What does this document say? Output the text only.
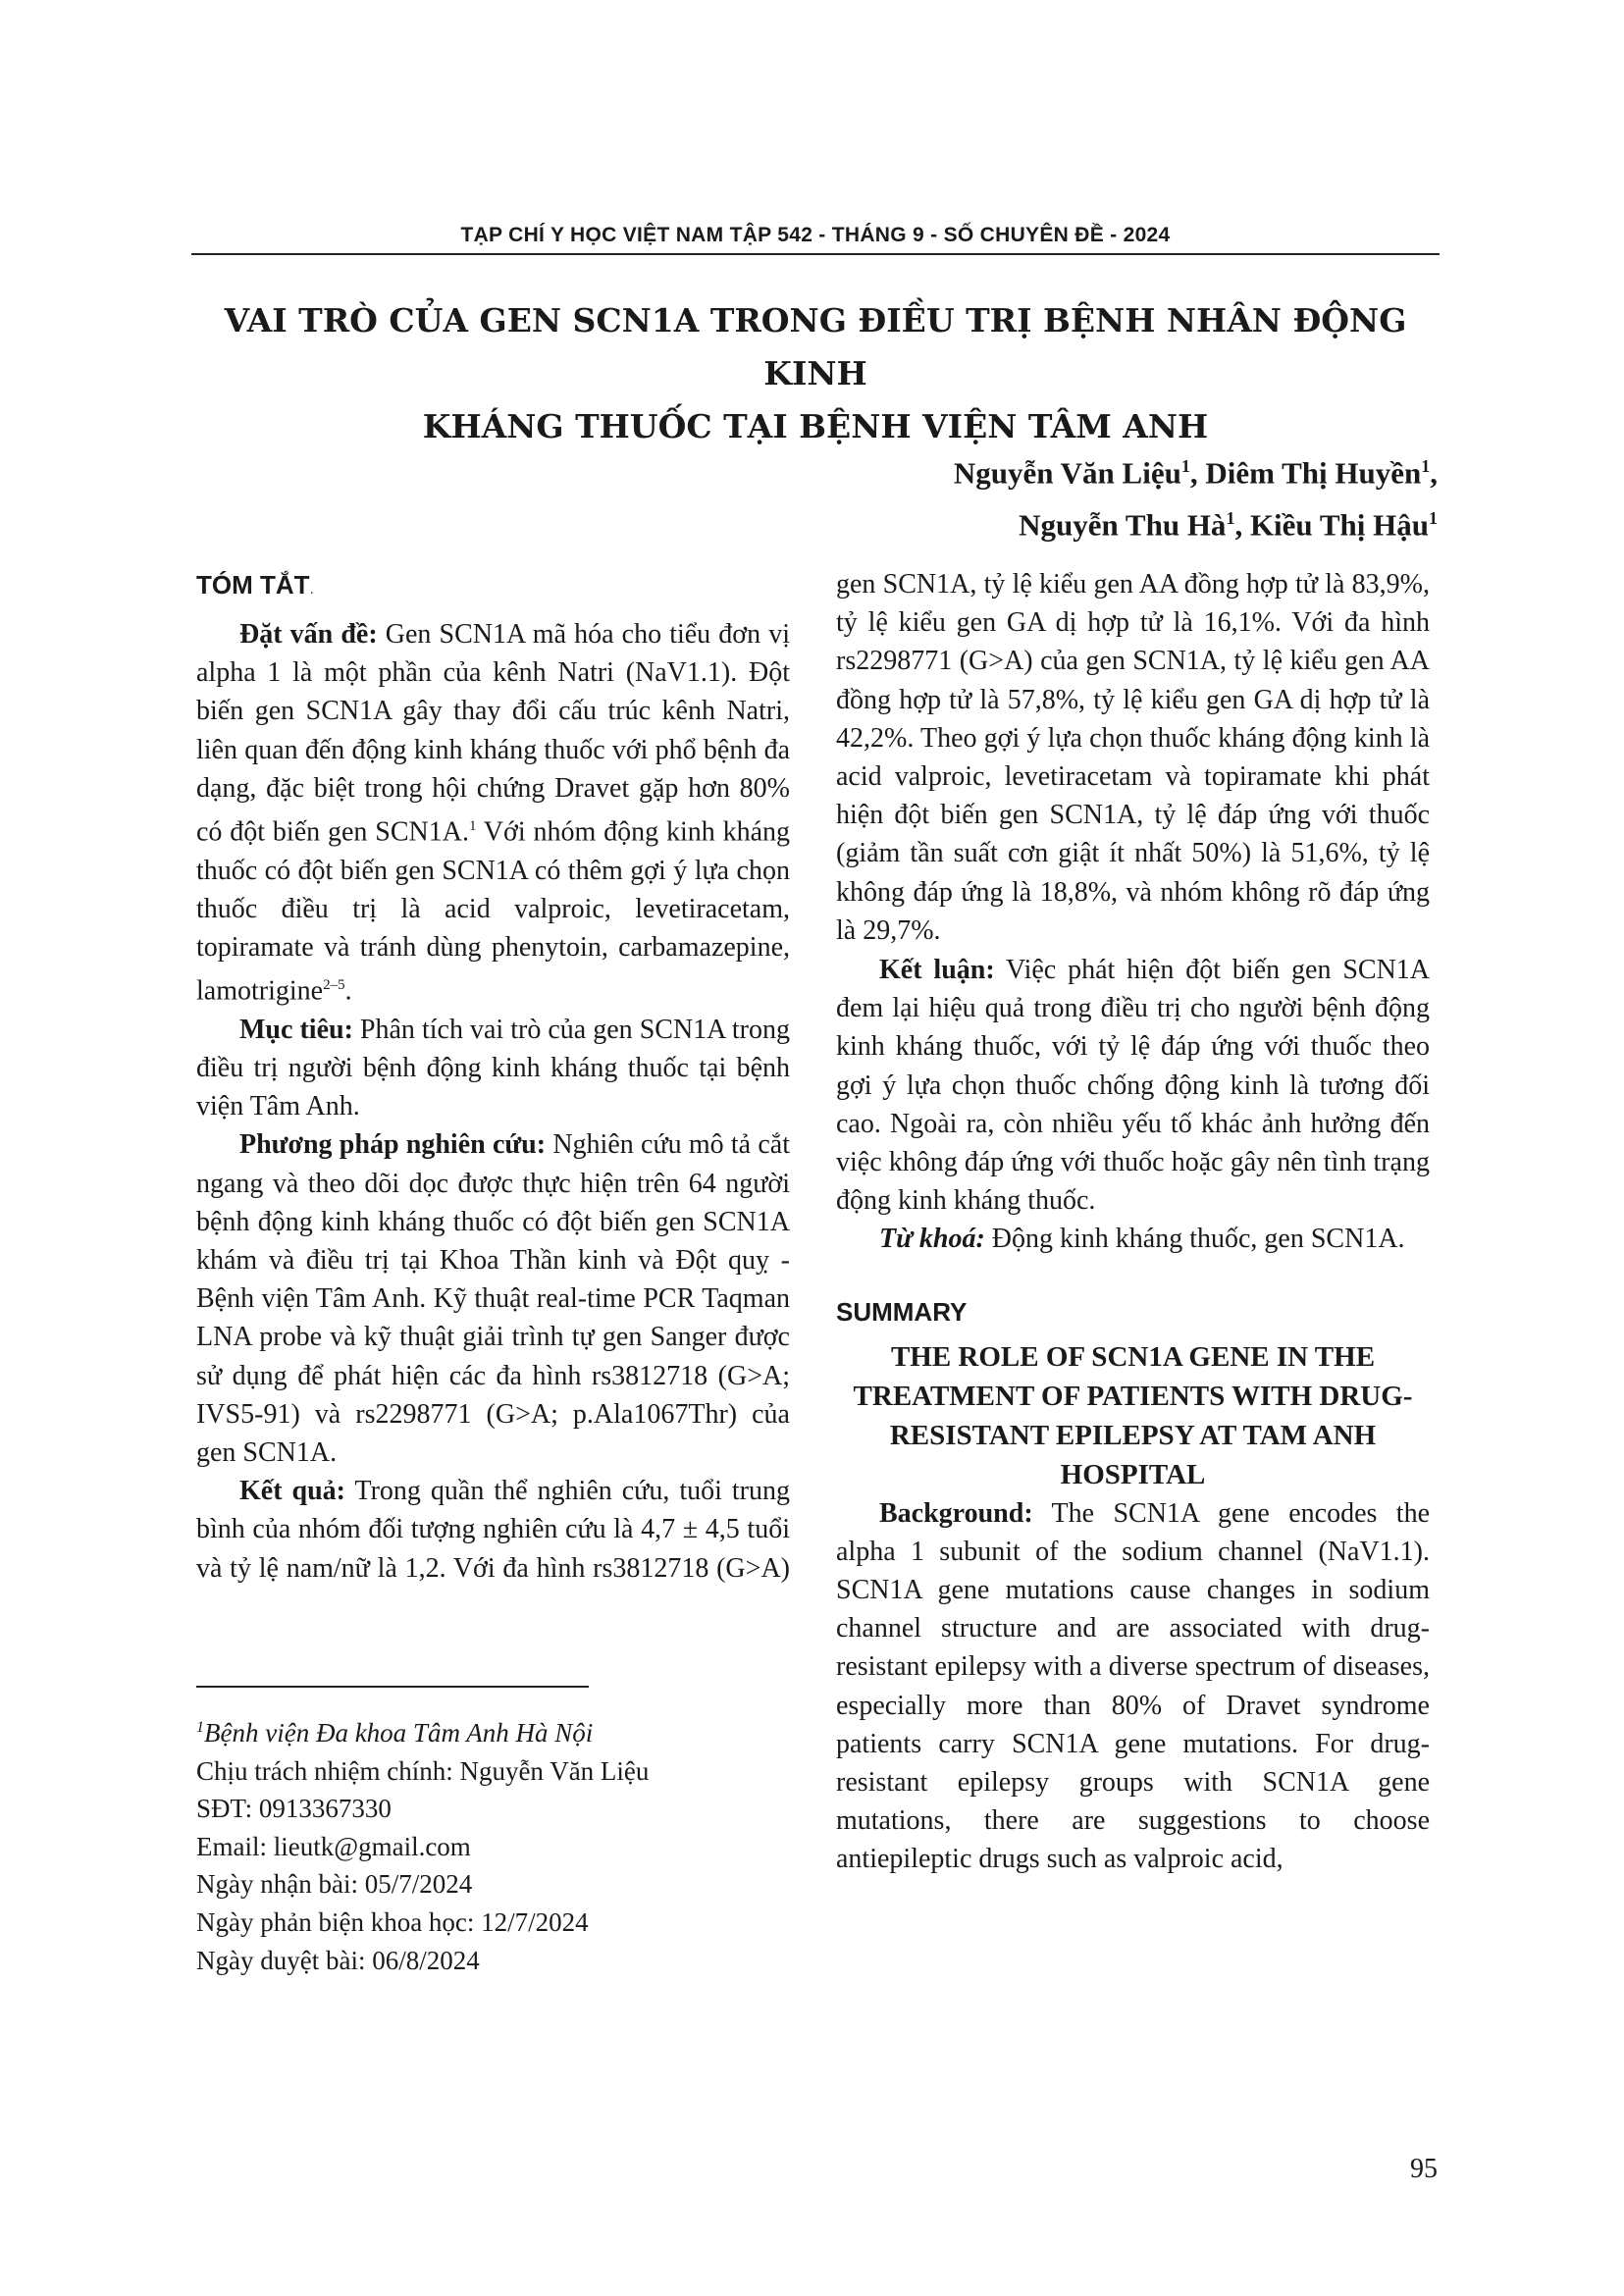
TẠP CHÍ Y HỌC VIỆT NAM TẬP 542 - THÁNG 9 - SỐ CHUYÊN ĐỀ - 2024
VAI TRÒ CỦA GEN SCN1A TRONG ĐIỀU TRỊ BỆNH NHÂN ĐỘNG KINH
KHÁNG THUỐC TẠI BỆNH VIỆN TÂM ANH
Nguyễn Văn Liệu$^1$, Diêm Thị Huyền$^1$,
Nguyễn Thu $Hà^1$, Kiều Thị Hậu$^1$
TÓM TẮT.

Đặt vấn đề: Gen SCN1A mã hóa cho tiểu đơn vị alpha 1 là một phần của kênh Natri (NaV1.1). Đột biến gen SCN1A gây thay đổi cấu trúc kênh Natri, liên quan đến động kinh kháng thuốc với phổ bệnh đa dạng, đặc biệt trong hội chứng Dravet gặp hơn 80% có đột biến gen SCN1A.$^1$ Với nhóm động kinh kháng thuốc có đột biến gen SCN1A có thêm gợi ý lựa chọn thuốc điều trị là acid valproic, levetiracetam, topiramate và tránh dùng phenytoin, carbamazepine, lamotrigine$^{2-5}$.

Mục tiêu: Phân tích vai trò của gen SCN1A trong điều trị người bệnh động kinh kháng thuốc tại bệnh viện Tâm Anh.

Phương pháp nghiên cứu: Nghiên cứu mô tả cắt ngang và theo dõi dọc được thực hiện trên 64 người bệnh động kinh kháng thuốc có đột biến gen SCN1A khám và điều trị tại Khoa Thần kinh và Đột quỵ - Bệnh viện Tâm Anh. Kỹ thuật real-time PCR Taqman LNA probe và kỹ thuật giải trình tự gen Sanger được sử dụng để phát hiện các đa hình rs3812718 (G>A; IVS5-91) và rs2298771 (G>A; p.Ala1067Thr) của gen SCN1A.

Kết quả: Trong quần thể nghiên cứu, tuổi trung bình của nhóm đối tượng nghiên cứu là 4,7 ± 4,5 tuổi và tỷ lệ nam/nữ là 1,2. Với đa hình rs3812718 (G>A)

gen SCN1A, tỷ lệ kiểu gen AA đồng hợp tử là 83,9%, tỷ lệ kiểu gen GA dị hợp tử là 16,1%. Với đa hình rs2298771 (G>A) của gen SCN1A, tỷ lệ kiểu gen AA đồng hợp tử là 57,8%, tỷ lệ kiểu gen GA dị hợp tử là 42,2%. Theo gợi ý lựa chọn thuốc kháng động kinh là acid valproic, levetiracetam và topiramate khi phát hiện đột biến gen SCN1A, tỷ lệ đáp ứng với thuốc (giảm tần suất cơn giật ít nhất 50%) là 51,6%, tỷ lệ không đáp ứng là 18,8%, và nhóm không rõ đáp ứng là 29,7%.

Kết luận: Việc phát hiện đột biến gen SCN1A đem lại hiệu quả trong điều trị cho người bệnh động kinh kháng thuốc, với tỷ lệ đáp ứng với thuốc theo gợi ý lựa chọn thuốc chống động kinh là tương đối cao. Ngoài ra, còn nhiều yếu tố khác ảnh hưởng đến việc không đáp ứng với thuốc hoặc gây nên tình trạng động kinh kháng thuốc.

Từ khoá: Động kinh kháng thuốc, gen SCN1A.

SUMMARY

THE ROLE OF SCN1A GENE IN THE TREATMENT OF PATIENTS WITH DRUG-RESISTANT EPILEPSY AT TAM ANH HOSPITAL

Background: The SCN1A gene encodes the alpha 1 subunit of the sodium channel (NaV1.1). SCN1A gene mutations cause changes in sodium channel structure and are associated with drug-resistant epilepsy with a diverse spectrum of diseases, especially more than 80% of Dravet syndrome patients carry SCN1A gene mutations. For drug-resistant epilepsy groups with SCN1A gene mutations, there are suggestions to choose antiepileptic drugs such as valproic acid,

$^1$Bệnh viện Đa khoa Tâm Anh Hà Nội
Chịu trách nhiệm chính: Nguyễn Văn Liệu
SĐT: 0913367330
Email: lieutk@gmail.com
Ngày nhận bài: 05/7/2024
Ngày phản biện khoa học: 12/7/2024
Ngày duyệt bài: 06/8/2024
95
